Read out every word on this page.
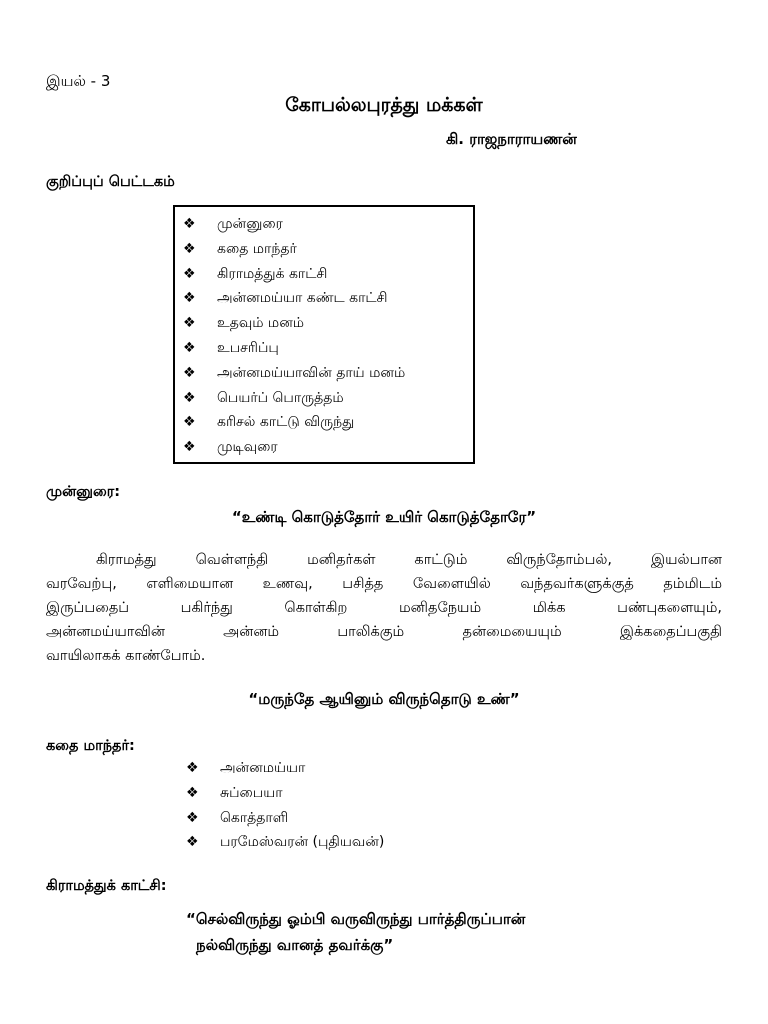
இயல் - 3
கோபல்லபுரத்து மக்கள்
கி. ராஜநாராயணன்
குறிப்புப் பெட்டகம்
❖ முன்னுரை
❖ கதை மாந்தர்
❖ கிராமத்துக் காட்சி
❖ அன்னமய்யா கண்ட காட்சி
❖ உதவும் மனம்
❖ உபசரிப்பு
❖ அன்னமய்யாவின் தாய் மனம்
❖ பெயர்ப் பொருத்தம்
❖ கரிசல் காட்டு விருந்து
❖ முடிவுரை
முன்னுரை:
“உண்டி கொடுத்தோர் உயிர் கொடுத்தோரே”
கிராமத்து வெள்ளந்தி மனிதர்கள் காட்டும் விருந்தோம்பல், இயல்பான
வரவேற்பு, எளிமையான உணவு, பசித்த வேளையில் வந்தவர்களுக்குத் தம்மிடம்
இருப்பதைப் பகிர்ந்து கொள்கிற மனிதநேயம் மிக்க பண்புகளையும்,
அன்னமய்யாவின் அன்னம் பாலிக்கும் தன்மையையும் இக்கதைப்பகுதி
வாயிலாகக் காண்போம்.
“மருந்தே ஆயினும் விருந்தொடு உண்”
கதை மாந்தர்:
❖ அன்னமய்யா
❖ சுப்பையா
❖ கொத்தாளி
❖ பரமேஸ்வரன் (புதியவன்)
கிராமத்துக் காட்சி:
“செல்விருந்து ஓம்பி வருவிருந்து பார்த்திருப்பான்
நல்விருந்து வானத் தவர்க்கு”
